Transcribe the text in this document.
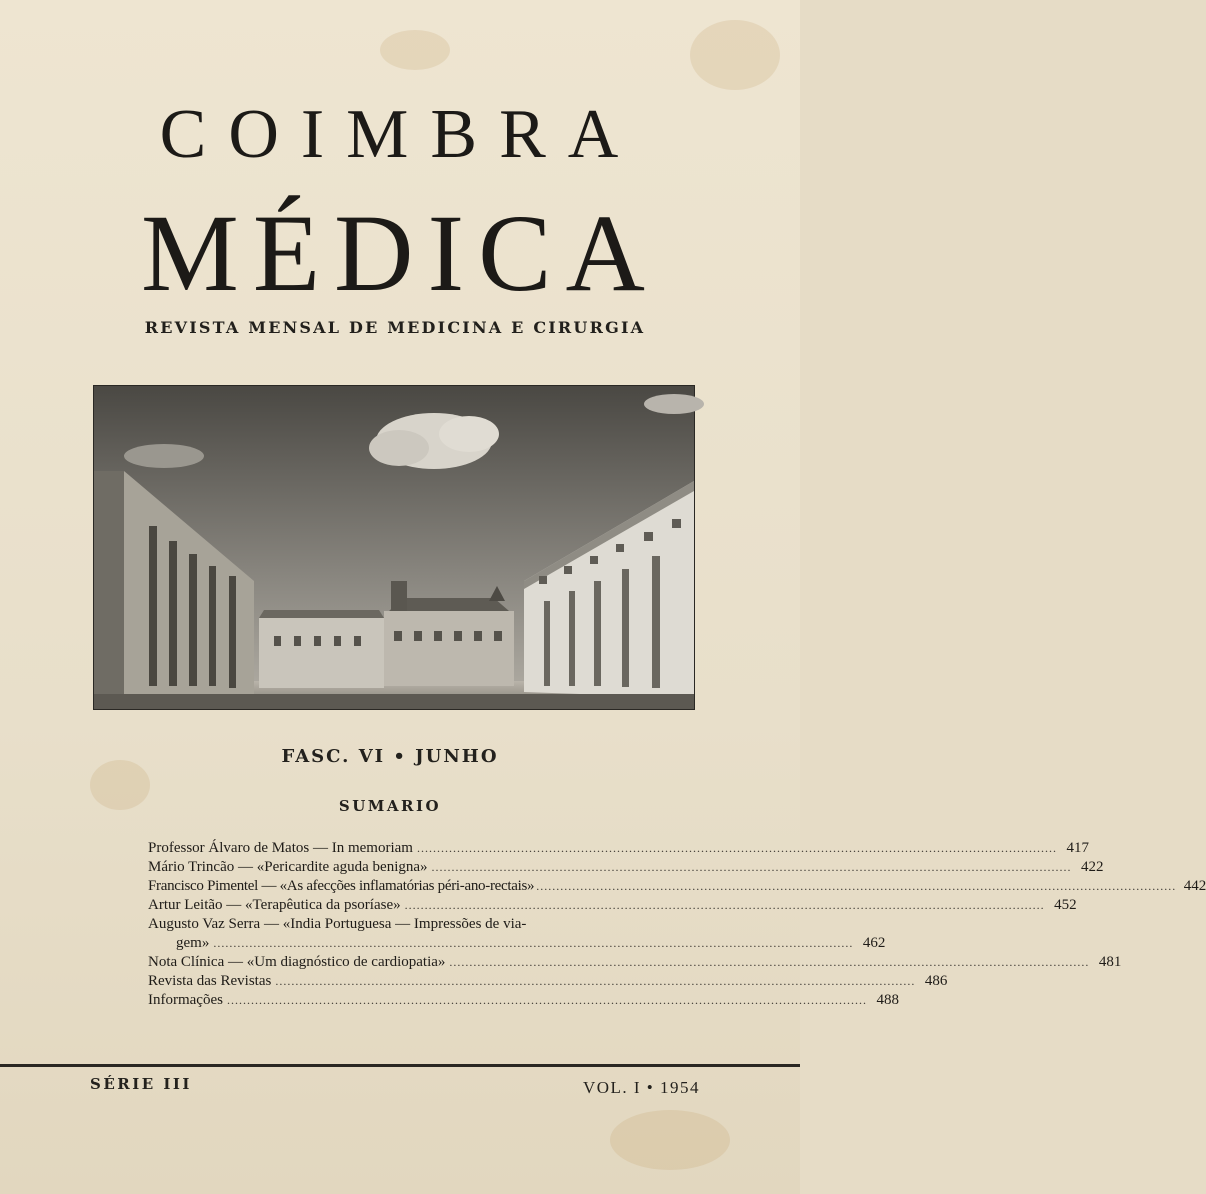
COIMBRA
MÉDICA
REVISTA MENSAL DE MEDICINA E CIRURGIA
FASC. VI • JUNHO
SUMARIO
Professor Álvaro de Matos — In memoriam .....	417
Mário Trincão — «Pericardite aguda benigna» .....	422
Francisco Pimentel — «As afecções inflamatórias péri-ano-rectais» .....	442
Artur Leitão — «Terapêutica da psoríase» .....	452
Augusto Vaz Serra — «India Portuguesa — Impressões de via-
gem» .....	462
Nota Clínica — «Um diagnóstico de cardiopatia» .....	481
Revista das Revistas .....	486
Informações .....	488
SÉRIE III	VOL. I • 1954
